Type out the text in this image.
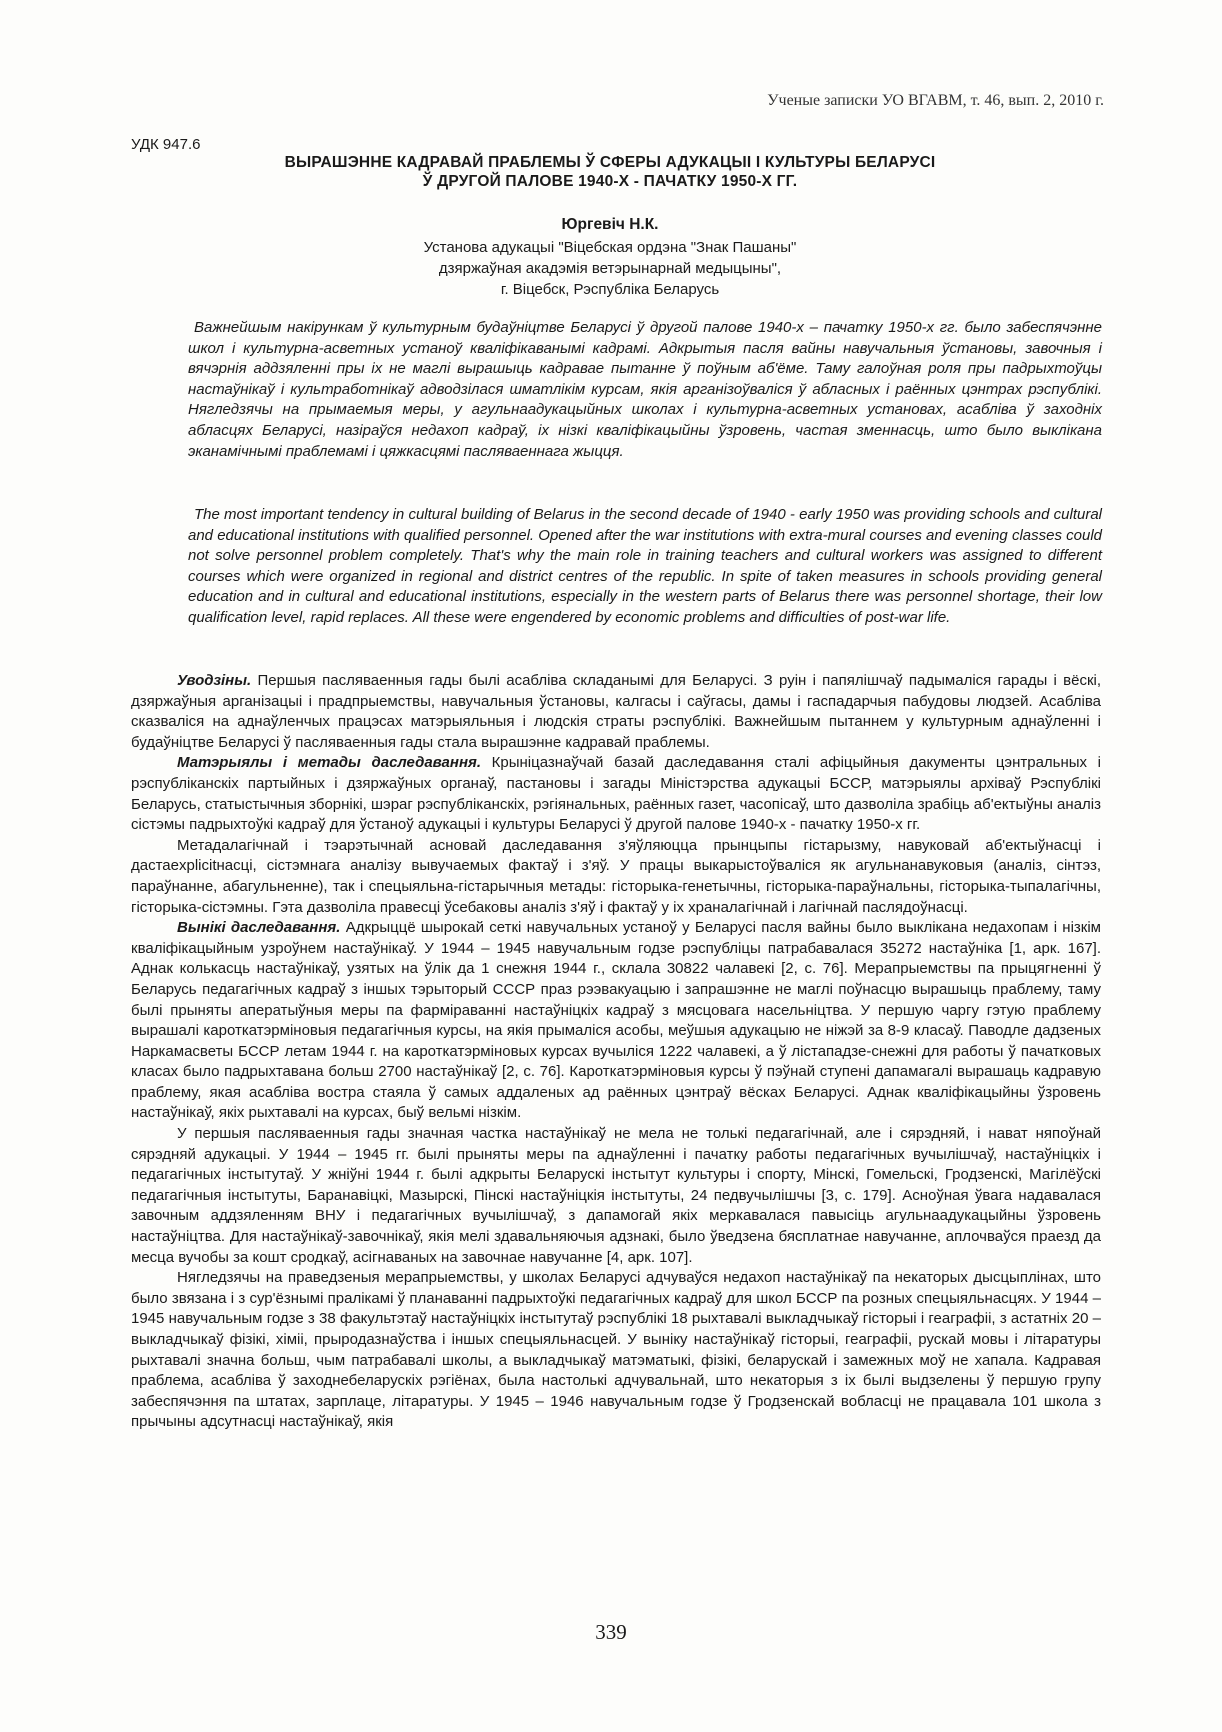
Ученые записки УО ВГАВМ, т. 46, вып. 2, 2010 г.
УДК 947.6
ВЫРАШЭННЕ КАДРАВАЙ ПРАБЛЕМЫ Ў СФЕРЫ АДУКАЦЫІ І КУЛЬТУРЫ БЕЛАРУСІ
Ў ДРУГОЙ ПАЛОВЕ 1940-Х - ПАЧАТКУ 1950-Х ГГ.
Юргевіч Н.К.
Установа адукацыі "Віцебская ордэна "Знак Пашаны"
дзяржаўная акадэмія ветэрынарнай медыцыны",
г. Віцебск, Рэспубліка Беларусь
Важнейшым накірункам ў культурным будаўніцтве Беларусі ў другой палове 1940-х – пачатку 1950-х гг. было забеспячэнне школ і культурна-асветных устаноў кваліфікаванымі кадрамі. Адкрытыя пасля вайны навучальныя ўстановы, завочныя і вячэрнія аддзяленні пры іх не маглі вырашыць кадравае пытанне ў поўным аб'ёме. Таму галоўная роля пры падрыхтоўцы настаўнікаў і культработнікаў адводзілася шматлікім курсам, якія арганізоўваліся ў абласных і раённых цэнтрах рэспублікі. Нягледзячы на прымаемыя меры, у агульнаадукацыйных школах і культурна-асветных установах, асабліва ў заходніх абласцях Беларусі, назіраўся недахоп кадраў, іх нізкі кваліфікацыйны ўзровень, частая зменнасць, што было выклікана эканамічнымі праблемамі і цяжкасцямі пасляваеннага жыцця.
The most important tendency in cultural building of Belarus in the second decade of 1940 - early 1950 was providing schools and cultural and educational institutions with qualified personnel. Opened after the war institutions with extra-mural courses and evening classes could not solve personnel problem completely. That's why the main role in training teachers and cultural workers was assigned to different courses which were organized in regional and district centres of the republic. In spite of taken measures in schools providing general education and in cultural and educational institutions, especially in the western parts of Belarus there was personnel shortage, their low qualification level, rapid replaces. All these were engendered by economic problems and difficulties of post-war life.

Уводзіны. Першыя пасляваенныя гады былі асабліва складанымі для Беларусі. З руін і папялішчаў падымаліся гарады і вёскі, дзяржаўныя арганізацыі і прадпрыемствы, навучальныя ўстановы, калгасы і саўгасы, дамы і гаспадарчыя пабудовы людзей. Асабліва сказваліся на аднаўленчых працэсах матэрыяльныя і людскія страты рэспублікі. Важнейшым пытаннем у культурным аднаўленні і будаўніцтве Беларусі ў пасляваенныя гады стала вырашэнне кадравай праблемы.

Матэрыялы і метады даследавання. Крыніцазнаўчай базай даследавання сталі афіцыйныя дакументы цэнтральных і рэспубліканскіх партыйных і дзяржаўных органаў, пастановы і загады Міністэрства адукацыі БССР, матэрыялы архіваў Рэспублікі Беларусь, статыстычныя зборнікі, шэраг рэспубліканскіх, рэгіянальных, раённых газет, часопісаў, што дазволіла зрабіць аб'ектыўны аналіз сістэмы падрыхтоўкі кадраў для ўстаноў адукацыі і культуры Беларусі ў другой палове 1940-х - пачатку 1950-х гг.

Метадалагічнай і тэарэтычнай асновай даследавання з'яўляюцца прынцыпы гістарызму, навуковай аб'ектыўнасці і дастаexplicitнасці, сістэмнага аналізу вывучаемых фактаў і з'яў. У працы выкарыстоўваліся як агульнанавуковыя (аналіз, сінтэз, параўнанне, абагульненне), так і спецыяльна-гістарычныя метады: гісторыка-генетычны, гісторыка-параўнальны, гісторыка-тыпалагічны, гісторыка-сістэмны. Гэта дазволіла правесці ўсебаковы аналіз з'яў і фактаў у іх храналагічнай і лагічнай паслядоўнасці.

Вынікі даследавання. Адкрыццё шырокай сеткі навучальных устаноў у Беларусі пасля вайны было выклікана недахопам і нізкім кваліфікацыйным узроўнем настаўнікаў. У 1944 – 1945 навучальным годзе рэспубліцы патрабавалася 35272 настаўніка [1, арк. 167]. Аднак колькасць настаўнікаў, узятых на ўлік да 1 снежня 1944 г., склала 30822 чалавекі [2, с. 76]. Мерапрыемствы па прыцягненні ў Беларусь педагагічных кадраў з іншых тэрыторый СССР праз рээвакуацыю і запрашэнне не маглі поўнасцю вырашыць праблему, таму былі прыняты аператыўныя меры па фарміраванні настаўніцкіх кадраў з мясцовага насельніцтва. У першую чаргу гэтую праблему вырашалі кароткатэрміновыя педагагічныя курсы, на якія прымаліся асобы, меўшыя адукацыю не ніжэй за 8-9 класаў. Паводле дадзеных Наркамасветы БССР летам 1944 г. на кароткатэрміновых курсах вучыліся 1222 чалавекі, а ў лістападзе-снежні для работы ў пачатковых класах было падрыхтавана больш 2700 настаўнікаў [2, с. 76]. Кароткатэрміновыя курсы ў пэўнай ступені дапамагалі вырашаць кадравую праблему, якая асабліва востра стаяла ў самых аддаленых ад раённых цэнтраў вёсках Беларусі. Аднак кваліфікацыйны ўзровень настаўнікаў, якіх рыхтавалі на курсах, быў вельмі нізкім.

У першыя пасляваенныя гады значная частка настаўнікаў не мела не толькі педагагічнай, але і сярэдняй, і нават няпоўнай сярэдняй адукацыі. У 1944 – 1945 гг. былі прыняты меры па аднаўленні і пачатку работы педагагічных вучылішчаў, настаўніцкіх і педагагічных інстытутаў. У жніўні 1944 г. былі адкрыты Беларускі інстытут культуры і спорту, Мінскі, Гомельскі, Гродзенскі, Магілёўскі педагагічныя інстытуты, Баранавіцкі, Мазырскі, Пінскі настаўніцкія інстытуты, 24 педвучылішчы [3, с. 179]. Асноўная ўвага надавалася завочным аддзяленням ВНУ і педагагічных вучылішчаў, з дапамогай якіх меркавалася павысіць агульнаадукацыйны ўзровень настаўніцтва. Для настаўнікаў-завочнікаў, якія мелі здавальняючыя адзнакі, было ўведзена бясплатнае навучанне, аплочваўся праезд да месца вучобы за кошт сродкаў, асігнаваных на завочнае навучанне [4, арк. 107].

Нягледзячы на праведзеныя мерапрыемствы, у школах Беларусі адчуваўся недахоп настаўнікаў па некаторых дысцыплінах, што было звязана і з сур'ёзнымі пралікамі ў планаванні падрыхтоўкі педагагічных кадраў для школ БССР па розных спецыяльнасцях. У 1944 – 1945 навучальным годзе з 38 факультэтаў настаўніцкіх інстытутаў рэспублікі 18 рыхтавалі выкладчыкаў гісторыі і геаграфіі, з астатніх 20 – выкладчыкаў фізікі, хіміі, прыродазнаўства і іншых спецыяльнасцей. У выніку настаўнікаў гісторыі, геаграфіі, рускай мовы і літаратуры рыхтавалі значна больш, чым патрабавалі школы, а выкладчыкаў матэматыкі, фізікі, беларускай і замежных моў не хапала. Кадравая праблема, асабліва ў заходнебеларускіх рэгіёнах, была настолькі адчувальнай, што некаторыя з іх былі выдзелены ў першую групу забеспячэння па штатах, зарплаце, літаратуры. У 1945 – 1946 навучальным годзе ў Гродзенскай вобласці не працавала 101 школа з прычыны адсутнасці настаўнікаў, якія

339
